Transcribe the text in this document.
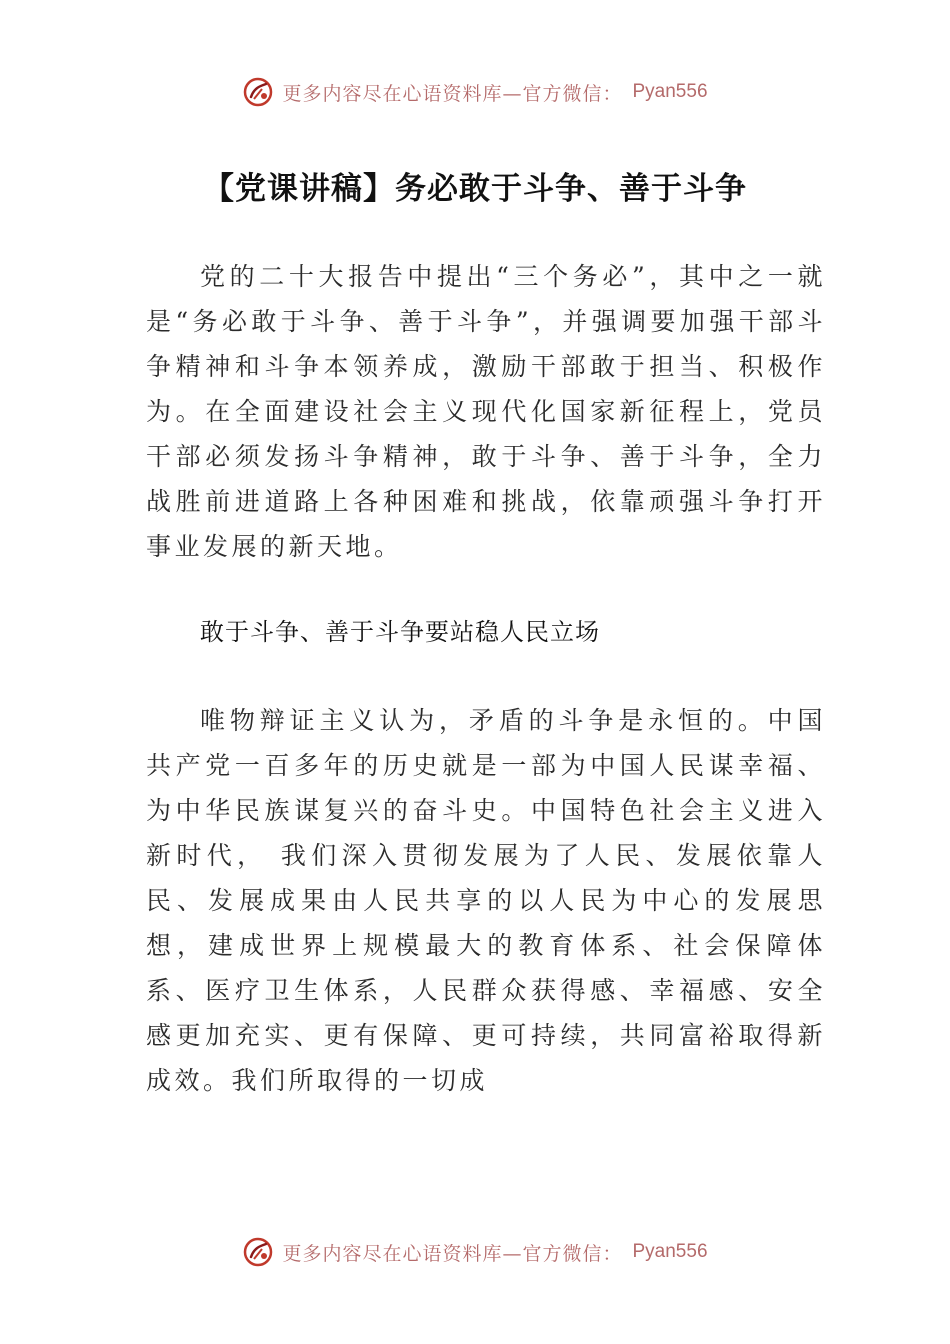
更多内容尽在心语资料库—官方微信： Pyan556
【党课讲稿】务必敢于斗争、善于斗争

党的二十大报告中提出“三个务必”，其中之一就是“务必敢于斗争、善于斗争”，并强调要加强干部斗争精神和斗争本领养成，激励干部敢于担当、积极作为。在全面建设社会主义现代化国家新征程上，党员干部必须发扬斗争精神，敢于斗争、善于斗争，全力战胜前进道路上各种困难和挑战，依靠顽强斗争打开事业发展的新天地。

敢于斗争、善于斗争要站稳人民立场

唯物辩证主义认为，矛盾的斗争是永恒的。中国共产党一百多年的历史就是一部为中国人民谋幸福、为中华民族谋复兴的奋斗史。中国特色社会主义进入新时代， 我们深入贯彻发展为了人民、发展依靠人民、发展成果由人民共享的以人民为中心的发展思想，建成世界上规模最大的教育体系、社会保障体系、医疗卫生体系，人民群众获得感、幸福感、安全感更加充实、更有保障、更可持续，共同富裕取得新成效。我们所取得的一切成

更多内容尽在心语资料库—官方微信： Pyan556
